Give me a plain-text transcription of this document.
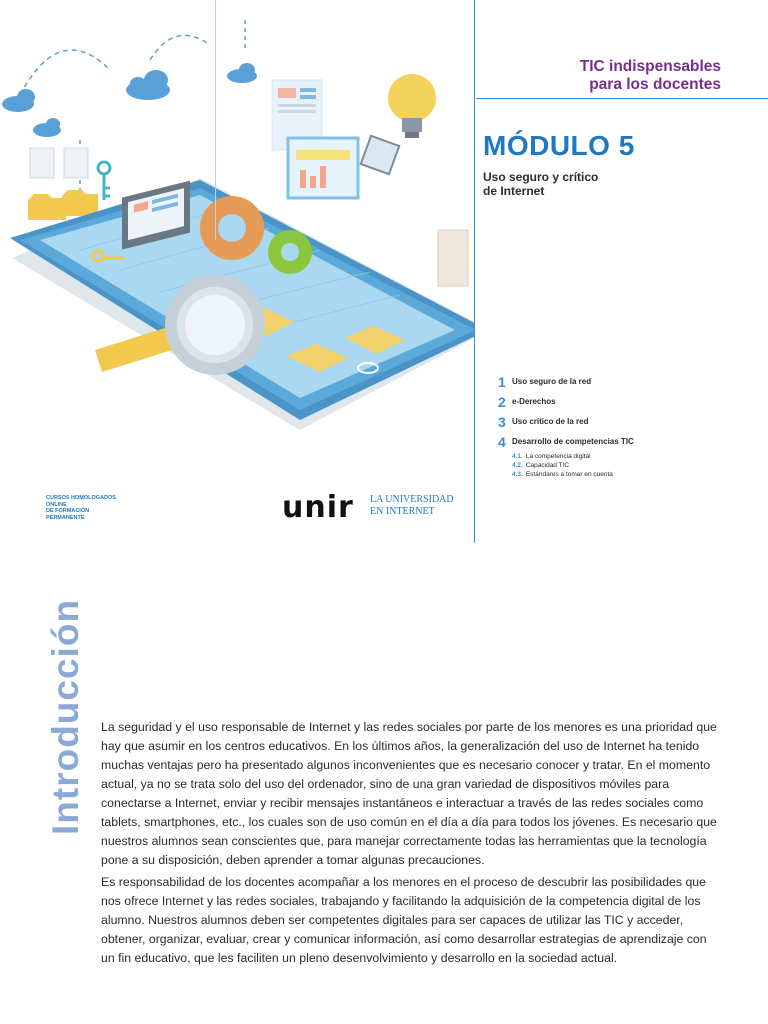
TIC indispensables
para los docentes
MÓDULO 5
Uso seguro y crítico
de Internet
1 Uso seguro de la red
2 e-Derechos
3 Uso crítico de la red
4 Desarrollo de competencias TIC
4.1. La competencia digital
4.2. Capacidad TIC
4.3. Estándares a tomar en cuenta
CURSOS HOMOLOGADOS
ONLINE
DE FORMACIÓN
PERMANENTE	unir LA UNIVERSIDAD
EN INTERNET
Introducción La seguridad y el uso responsable de Internet y las redes sociales por parte de los menores es una prioridad que hay que asumir en los centros educativos. En los últimos años, la generalización del uso de Internet ha tenido muchas ventajas pero ha presentado algunos inconvenientes que es necesario conocer y tratar. En el momento actual, ya no se trata solo del uso del ordenador, sino de una gran variedad de dispositivos móviles para conectarse a Internet, enviar y recibir mensajes instantáneos e interactuar a través de las redes sociales como tablets, smartphones, etc., los cuales son de uso común en el día a día para todos los jóvenes. Es necesario que nuestros alumnos sean conscientes que, para manejar correctamente todas las herramientas que la tecnología pone a su disposición, deben aprender a tomar algunas precauciones.

Es responsabilidad de los docentes acompañar a los menores en el proceso de descubrir las posibilidades que nos ofrece Internet y las redes sociales, trabajando y facilitando la adquisición de la competencia digital de los alumno. Nuestros alumnos deben ser competentes digitales para ser capaces de utilizar las TIC y acceder, obtener, organizar, evaluar, crear y comunicar información, así como desarrollar estrategias de aprendizaje con un fin educativo, que les faciliten un pleno desenvolvimiento y desarrollo en la sociedad actual.
